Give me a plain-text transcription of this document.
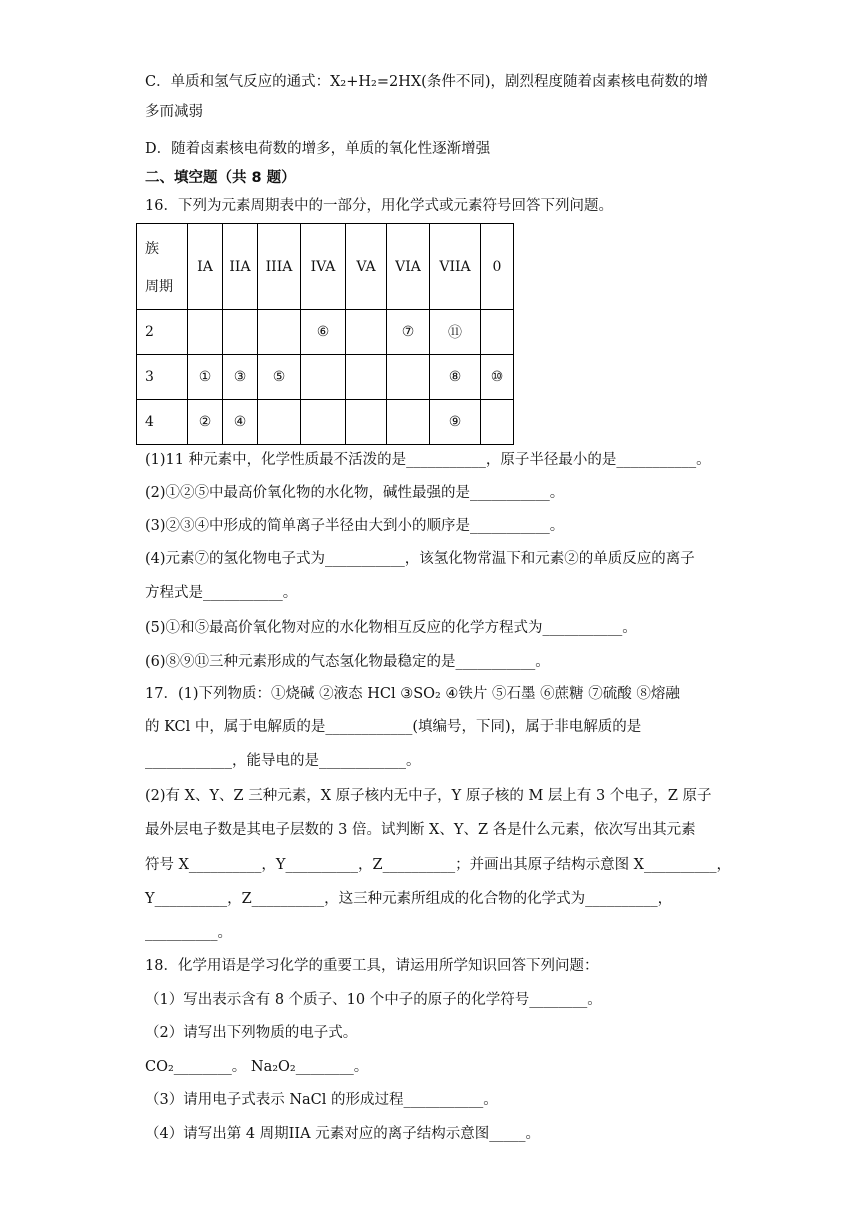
C．单质和氢气反应的通式：X₂+H₂=2HX(条件不同)，剧烈程度随着卤素核电荷数的增
多而减弱
D．随着卤素核电荷数的增多，单质的氧化性逐渐增强
二、填空题（共 8 题）
16．下列为元素周期表中的一部分，用化学式或元素符号回答下列问题。
族
周期	IA	IIA	IIIA	IVA	VA	VIA	VIIA	0
2				⑥		⑦	⑪	
3	①	③	⑤				⑧	⑩
4	②	④					⑨	
(1)11 种元素中，化学性质最不活泼的是___________，原子半径最小的是___________。
(2)①②⑤中最高价氧化物的水化物，碱性最强的是___________。
(3)②③④中形成的简单离子半径由大到小的顺序是___________。
(4)元素⑦的氢化物电子式为___________，该氢化物常温下和元素②的单质反应的离子
方程式是___________。
(5)①和⑤最高价氧化物对应的水化物相互反应的化学方程式为___________。
(6)⑧⑨⑪三种元素形成的气态氢化物最稳定的是___________。
17．(1)下列物质：①烧碱 ②液态 HCl ③SO₂ ④铁片 ⑤石墨 ⑥蔗糖 ⑦硫酸 ⑧熔融
的 KCl 中，属于电解质的是____________(填编号，下同)，属于非电解质的是
____________，能导电的是____________。
(2)有 X、Y、Z 三种元素，X 原子核内无中子，Y 原子核的 M 层上有 3 个电子，Z 原子
最外层电子数是其电子层数的 3 倍。试判断 X、Y、Z 各是什么元素，依次写出其元素
符号 X__________，Y__________，Z__________；并画出其原子结构示意图 X__________，
Y__________，Z__________，这三种元素所组成的化合物的化学式为__________，
__________。
18．化学用语是学习化学的重要工具，请运用所学知识回答下列问题：
（1）写出表示含有 8 个质子、10 个中子的原子的化学符号________。
（2）请写出下列物质的电子式。
CO₂________。 Na₂O₂________。
（3）请用电子式表示 NaCl 的形成过程___________。
（4）请写出第 4 周期IIA 元素对应的离子结构示意图_____。
